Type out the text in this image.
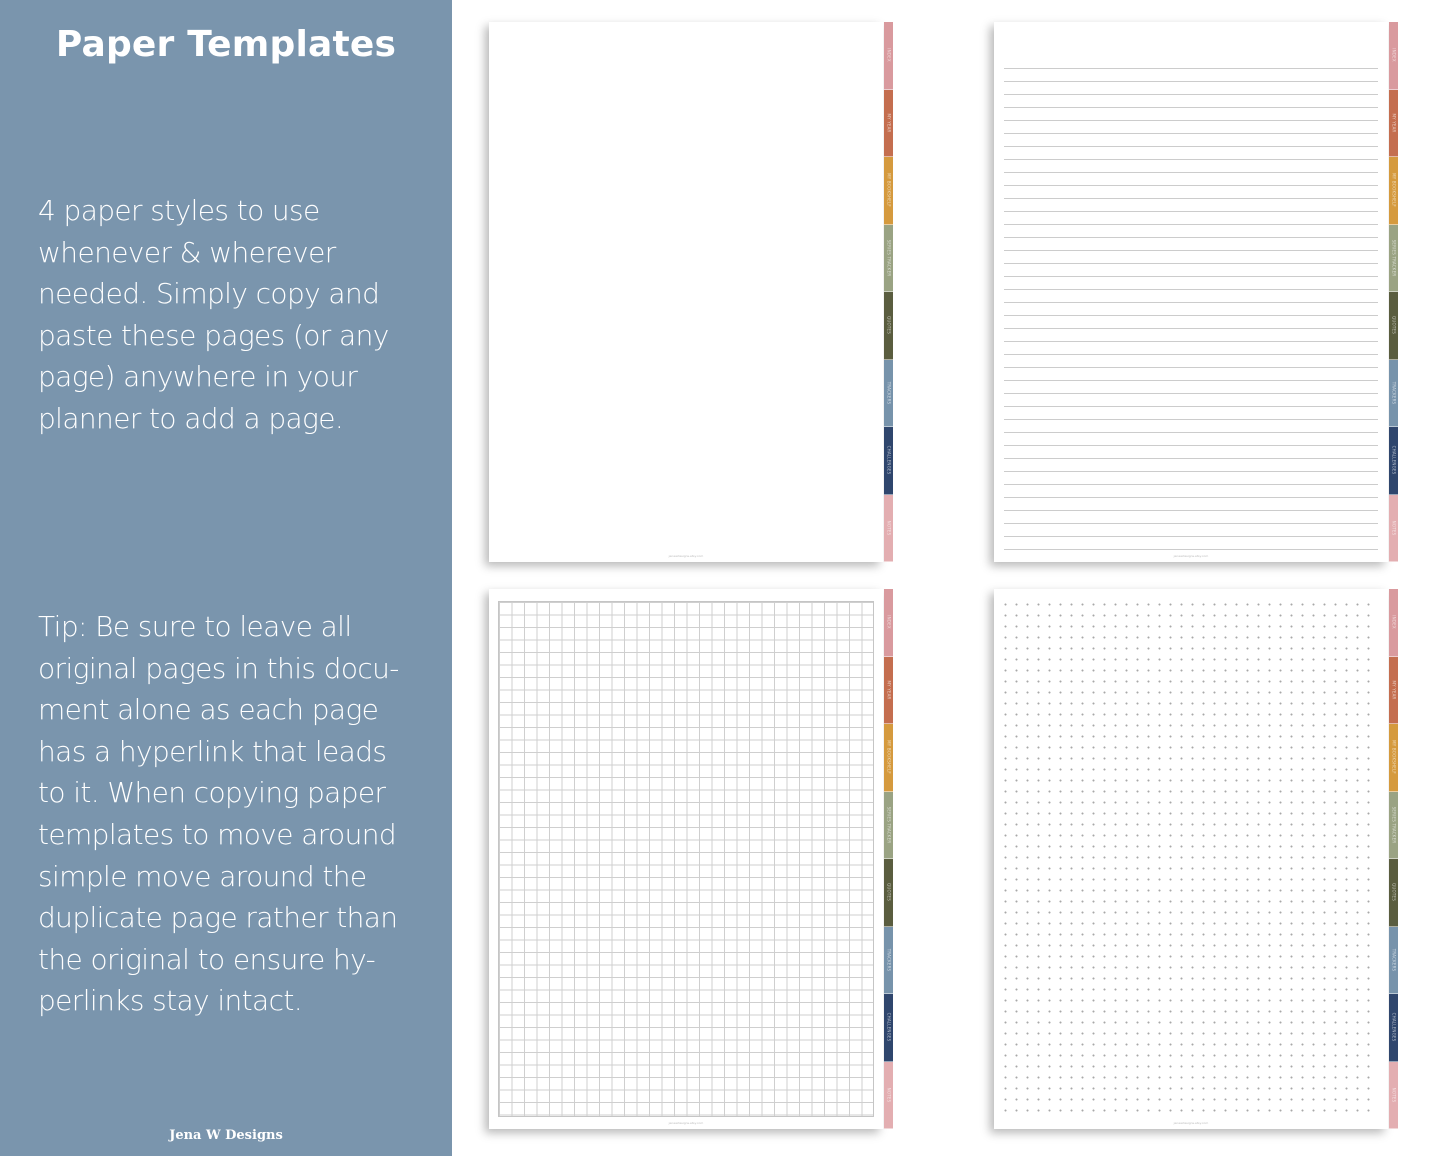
Paper Templates
4 paper styles to use
whenever & wherever
needed. Simply copy and
paste these pages (or any
page) anywhere in your
planner to add a page.
Tip: Be sure to leave all
original pages in this docu-
ment alone as each page
has a hyperlink that leads
to it. When copying paper
templates to move around
simple move around the
duplicate page rather than
the original to ensure hy-
perlinks stay intact.
Jena W Designs
jenawdesigns.etsy.com
INDEX
MY YEAR
MY BOOKSHELF
SERIES TRACKER
QUOTES
TRACKERS
CHALLENGES
NOTES
jenawdesigns.etsy.com
INDEX
MY YEAR
MY BOOKSHELF
SERIES TRACKER
QUOTES
TRACKERS
CHALLENGES
NOTES
jenawdesigns.etsy.com
INDEX
MY YEAR
MY BOOKSHELF
SERIES TRACKER
QUOTES
TRACKERS
CHALLENGES
NOTES
jenawdesigns.etsy.com
INDEX
MY YEAR
MY BOOKSHELF
SERIES TRACKER
QUOTES
TRACKERS
CHALLENGES
NOTES
